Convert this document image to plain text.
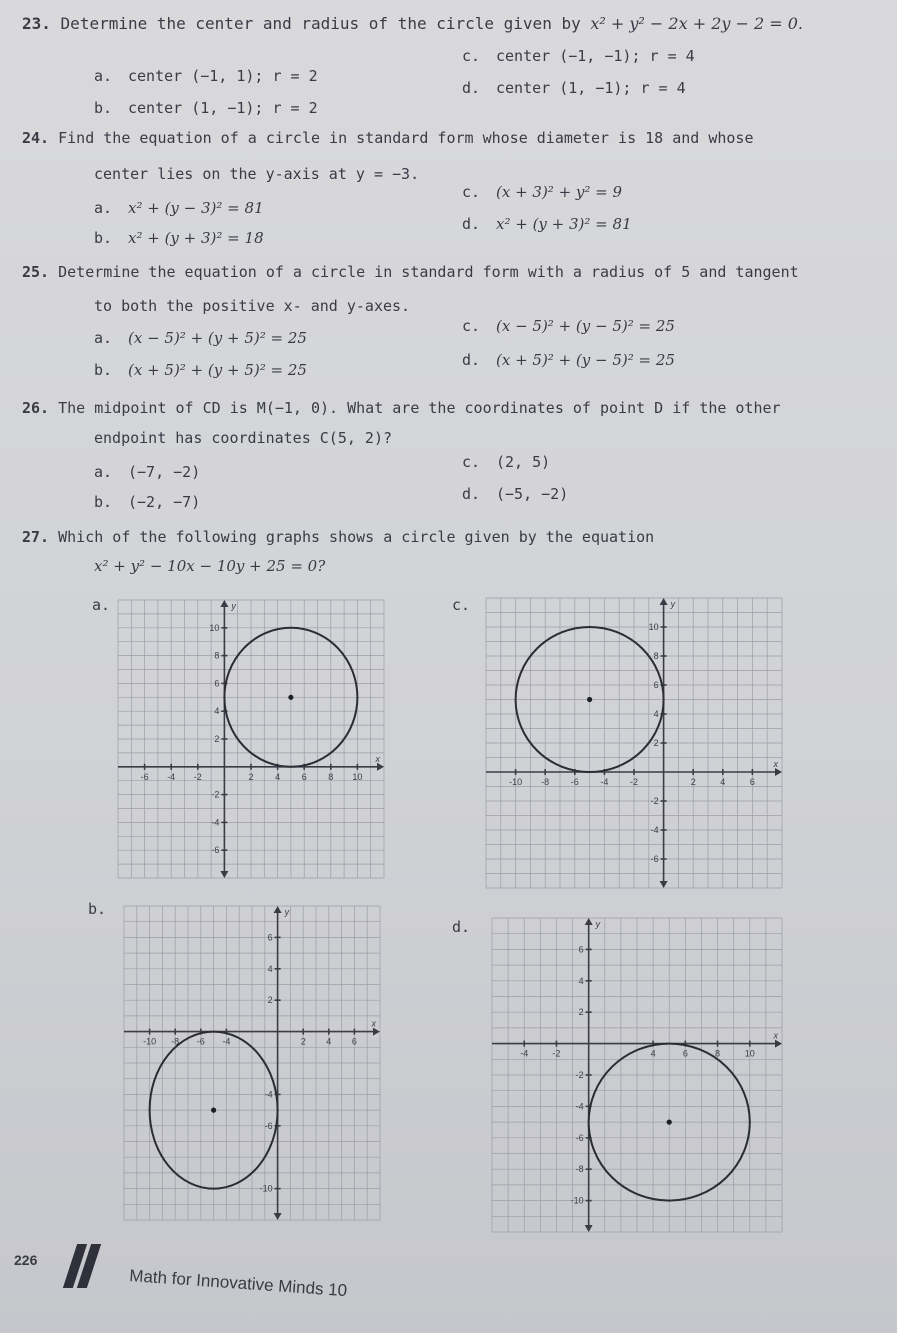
23. Determine the center and radius of the circle given by x² + y² − 2x + 2y − 2 = 0.
a. center (−1, 1); r = 2
b. center (1, −1); r = 2
c. center (−1, −1); r = 4
d. center (1, −1); r = 4
24. Find the equation of a circle in standard form whose diameter is 18 and whose
center lies on the y-axis at y = −3.
a. x² + (y − 3)² = 81
b. x² + (y + 3)² = 18
c. (x + 3)² + y² = 9
d. x² + (y + 3)² = 81
25. Determine the equation of a circle in standard form with a radius of 5 and tangent
to both the positive x- and y-axes.
a. (x − 5)² + (y + 5)² = 25
b. (x + 5)² + (y + 5)² = 25
c. (x − 5)² + (y − 5)² = 25
d. (x + 5)² + (y − 5)² = 25
26. The midpoint of CD is M(−1, 0). What are the coordinates of point D if the other
endpoint has coordinates C(5, 2)?
a. (−7, −2)
b. (−2, −7)
c. (2, 5)
d. (−5, −2)
27. Which of the following graphs shows a circle given by the equation
x² + y² − 10x − 10y + 25 = 0?
a.
b.
c.
d.
-6 -4 -2	2 4 6 8 10
10
8
6
4
2
-2
-4
-6
x
y
-10 -8 -6 -4	2 4 6
6
4
2
-4
-6
-10
x
y
-10 -8 -6 -4 -2	2	4	6
10
8
6
4
2
-2
-4
-6
x
y
-4	-2	4	6	8	10
6
4
2
-2
-4
-6
-8
-10
x
y
226
Math for Innovative Minds 10
